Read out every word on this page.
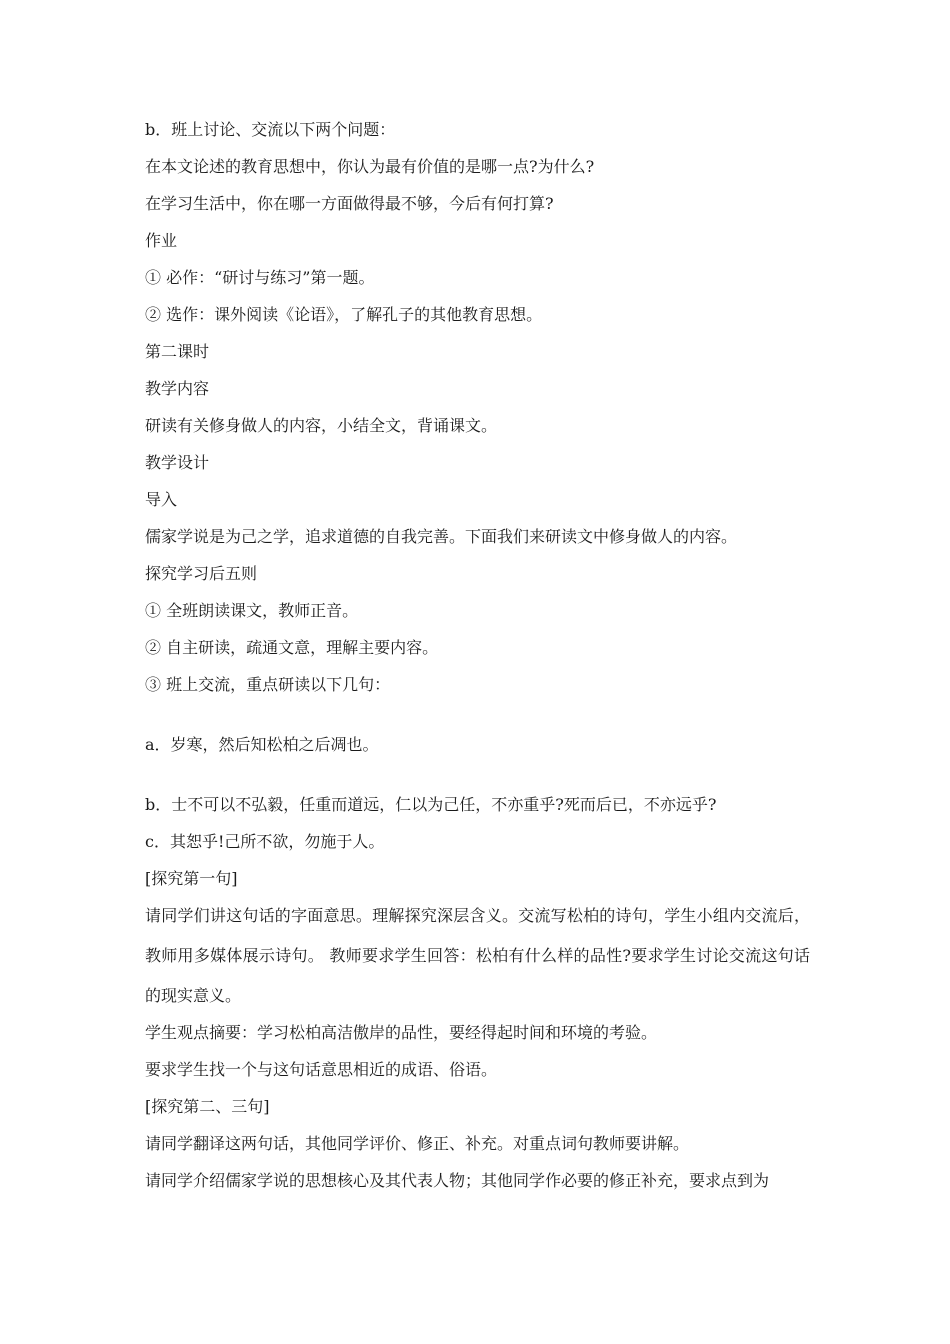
b．班上讨论、交流以下两个问题：
在本文论述的教育思想中，你认为最有价值的是哪一点?为什么?
在学习生活中，你在哪一方面做得最不够，今后有何打算?
作业
① 必作：“研讨与练习”第一题。
② 选作：课外阅读《论语》，了解孔子的其他教育思想。
第二课时
教学内容
研读有关修身做人的内容，小结全文，背诵课文。
教学设计
导入
儒家学说是为己之学，追求道德的自我完善。下面我们来研读文中修身做人的内容。
探究学习后五则
① 全班朗读课文，教师正音。
② 自主研读，疏通文意，理解主要内容。
③ 班上交流，重点研读以下几句：
a．岁寒，然后知松柏之后凋也。
b．士不可以不弘毅，任重而道远，仁以为己任，不亦重乎?死而后已，不亦远乎?
c．其恕乎!己所不欲，勿施于人。
[探究第一句]
请同学们讲这句话的字面意思。理解探究深层含义。交流写松柏的诗句，学生小组内交流后，教师用多媒体展示诗句。 教师要求学生回答：松柏有什么样的品性?要求学生讨论交流这句话的现实意义。
学生观点摘要：学习松柏高洁傲岸的品性，要经得起时间和环境的考验。
要求学生找一个与这句话意思相近的成语、俗语。
[探究第二、三句]
请同学翻译这两句话，其他同学评价、修正、补充。对重点词句教师要讲解。
请同学介绍儒家学说的思想核心及其代表人物；其他同学作必要的修正补充，要求点到为
